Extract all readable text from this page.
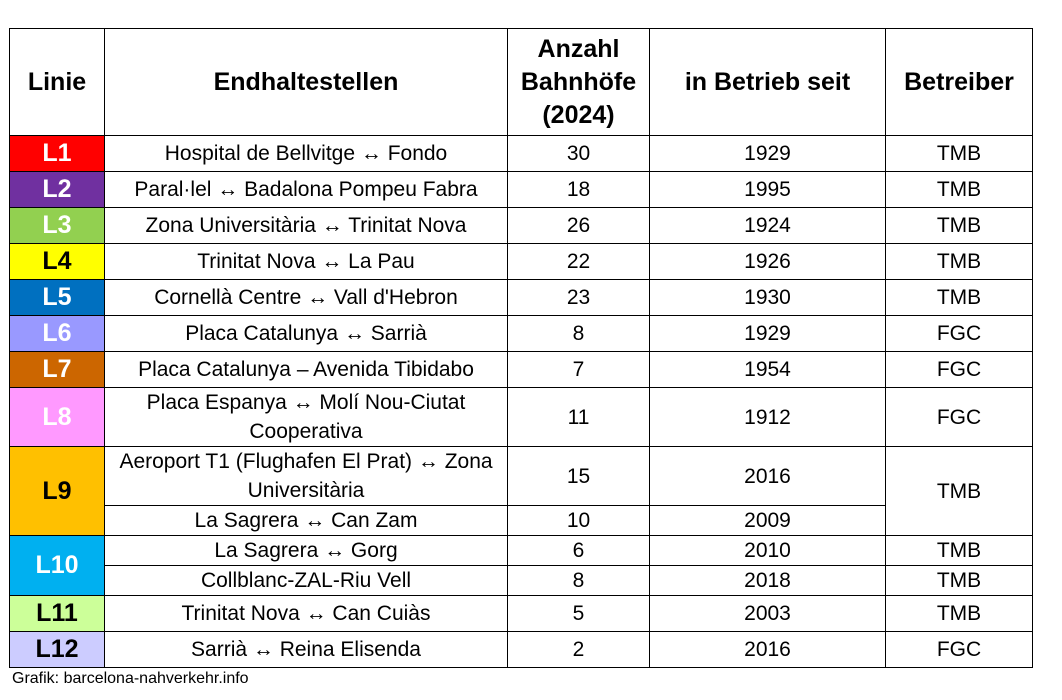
Linie	Endhaltestellen	Anzahl Bahnhöfe (2024)	in Betrieb seit	Betreiber
L1	Hospital de Bellvitge ↔ Fondo	30	1929	TMB
L2	Paral·lel ↔ Badalona Pompeu Fabra	18	1995	TMB
L3	Zona Universitària ↔ Trinitat Nova	26	1924	TMB
L4	Trinitat Nova ↔ La Pau	22	1926	TMB
L5	Cornellà Centre ↔ Vall d'Hebron	23	1930	TMB
L6	Placa Catalunya ↔ Sarrià	8	1929	FGC
L7	Placa Catalunya – Avenida Tibidabo	7	1954	FGC
L8	Placa Espanya ↔ Molí Nou-Ciutat Cooperativa	11	1912	FGC
L9	Aeroport T1 (Flughafen El Prat) ↔ Zona Universitària	15	2016	TMB
	La Sagrera ↔ Can Zam	10	2009	
L10	La Sagrera ↔ Gorg	6	2010	TMB
	Collblanc-ZAL-Riu Vell	8	2018	TMB
L11	Trinitat Nova ↔ Can Cuiàs	5	2003	TMB
L12	Sarrià ↔ Reina Elisenda	2	2016	FGC
Grafik: barcelona-nahverkehr.info
